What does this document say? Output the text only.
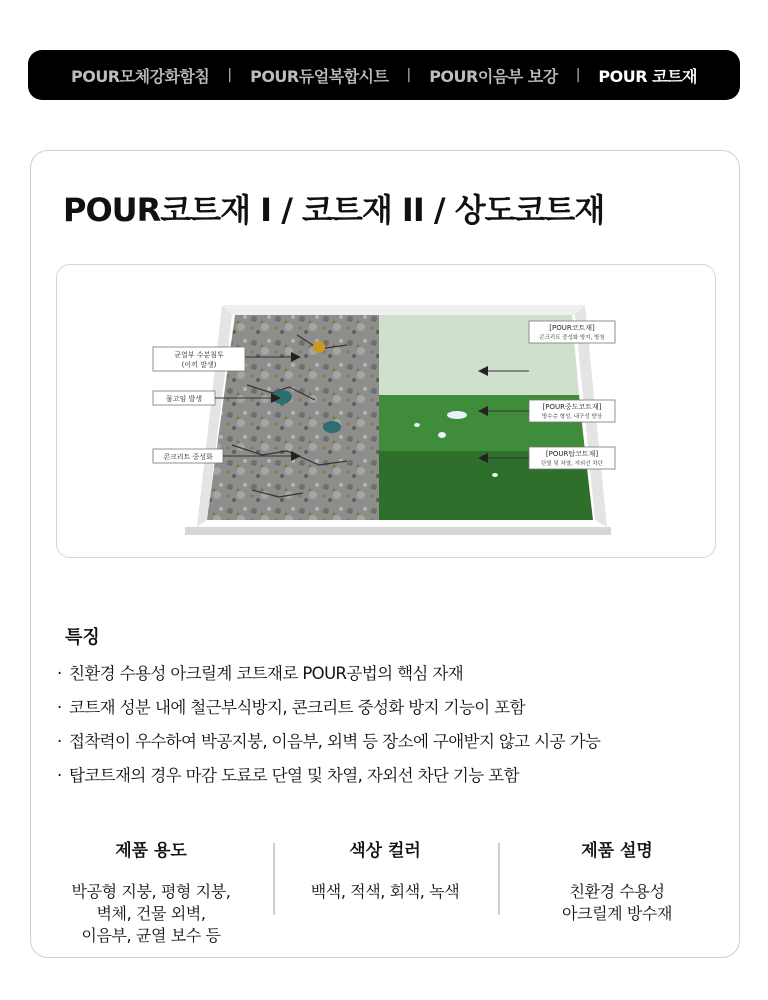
POUR모체강화함침 | POUR듀얼복합시트 | POUR이음부 보강 | POUR 코트재
POUR코트재 I / 코트재 II / 상도코트재
균열부 수분침투
(이끼 발생)
물고임 발생
콘크리트 중성화
[POUR코트재]
콘크리트 중성화 방지, 방청
[POUR중도코트재]
방수층 형성, 내구성 향상
[POUR탑코트재]
단열 및 차열, 자외선 차단
특징
· 친환경 수용성 아크릴계 코트재로 POUR공법의 핵심 자재
· 코트재 성분 내에 철근부식방지, 콘크리트 중성화 방지 기능이 포함
· 접착력이 우수하여 박공지붕, 이음부, 외벽 등 장소에 구애받지 않고 시공 가능
· 탑코트재의 경우 마감 도료로 단열 및 차열, 자외선 차단 기능 포함
제품 용도
박공형 지붕, 평형 지붕,
벽체, 건물 외벽,
이음부, 균열 보수 등
색상 컬러
백색, 적색, 회색, 녹색
제품 설명
친환경 수용성
아크릴계 방수재
